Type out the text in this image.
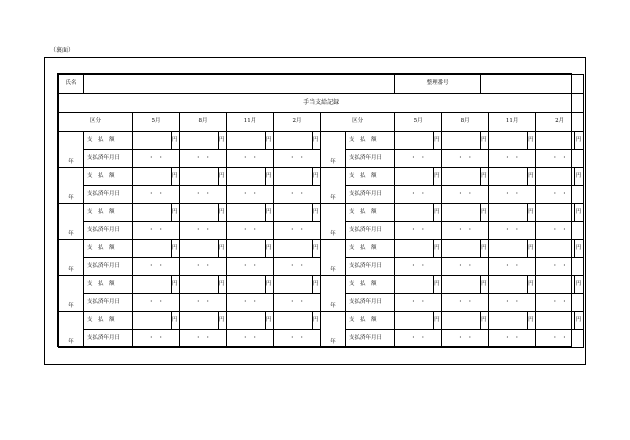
（裏面）
氏名												整理番号							
手当支給記録																			
区分		5月		8月		11月		2月		区分		5月		8月		11月		2月	
年	支　払　額		円		円		円		円	年	支　払　額		円		円		円		円
	支払済年月日	・・		・・		・・		・・			支払済年月日	・・		・・		・・		・・	
年	支　払　額		円		円		円		円	年	支　払　額		円		円		円		円
	支払済年月日	・・		・・		・・		・・			支払済年月日	・・		・・		・・		・・	
年	支　払　額		円		円		円		円	年	支　払　額		円		円		円		円
	支払済年月日	・・		・・		・・		・・			支払済年月日	・・		・・		・・		・・	
年	支　払　額		円		円		円		円	年	支　払　額		円		円		円		円
	支払済年月日	・・		・・		・・		・・			支払済年月日	・・		・・		・・		・・	
年	支　払　額		円		円		円		円	年	支　払　額		円		円		円		円
	支払済年月日	・・		・・		・・		・・			支払済年月日	・・		・・		・・		・・	
年	支　払　額		円		円		円		円	年	支　払　額		円		円		円		円
	支払済年月日	・・		・・		・・		・・			支払済年月日	・・		・・		・・		・・	
